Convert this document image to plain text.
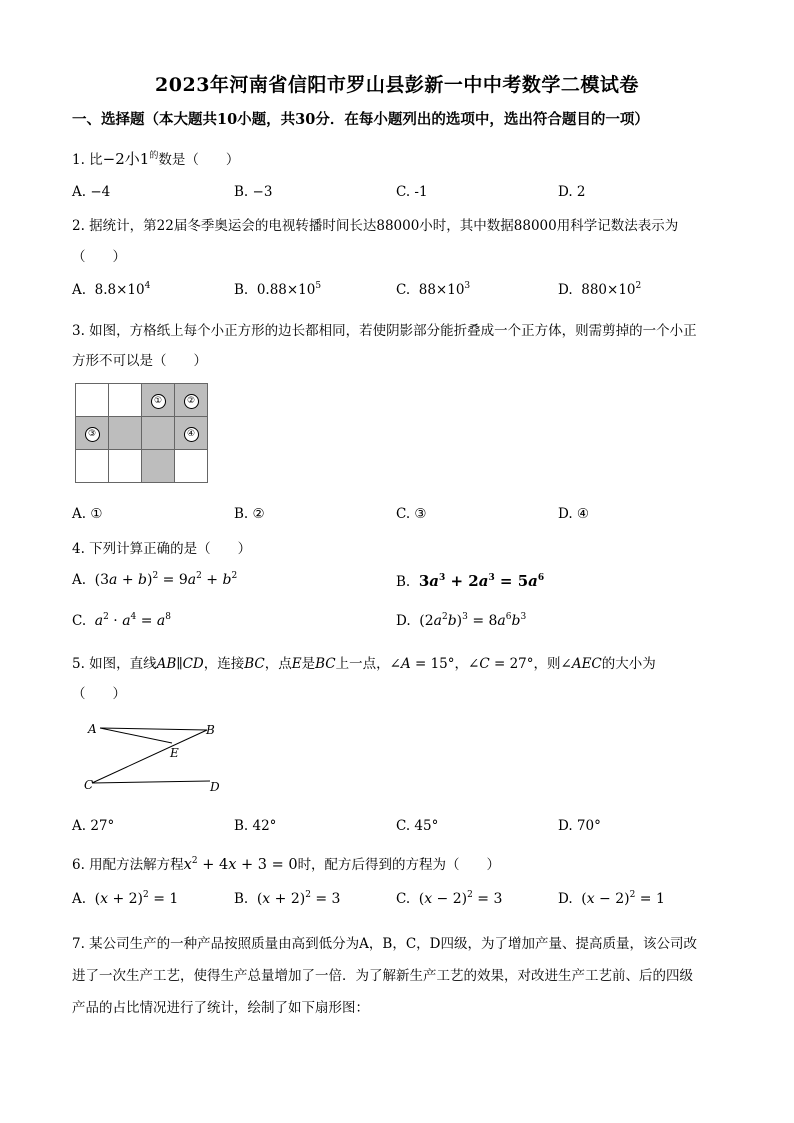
2023年河南省信阳市罗山县彭新一中中考数学二模试卷
一、选择题（本大题共10小题，共30分．在每小题列出的选项中，选出符合题目的一项）
1. 比−2小$1^的$数是（　　）
A. −4	B. −3	C. -1	D. 2
2. 据统计，第22届冬季奥运会的电视转播时间长达88000小时，其中数据88000用科学记数法表示为
（　　）
A. $8.8\times 10^4$	B. $0.88\times 10^5$	C. $88\times 10^3$	D. $880\times 10^2$
3. 如图，方格纸上每个小正方形的边长都相同，若使阴影部分能折叠成一个正方体，则需剪掉的一个小正
方形不可以是（　　）
		①	②
③			④

A. ①	B. ②	C. ③	D. ④
4. 下列计算正确的是（　　）
A. $(3a + b)^2 = 9a^2 + b^2$	B. $3a^3 + 2a^3 = 5a^6$
C. $a^2 \cdot a^4 = a^8$	D. $(2a^2b)^3 = 8a^6b^3$
5. 如图，直线AB∥CD，连接BC，点E是BC上一点，∠A = 15°，∠C = 27°，则∠AEC的大小为
（　　）
A	B
E
C	D
A. 27°	B. 42°	C. 45°	D. 70°
6. 用配方法解方程$x^2 + 4x + 3 = 0$时，配方后得到的方程为（　　）
A. $(x + 2)^2 = 1$	B. $(x + 2)^2 = 3$	C. $(x - 2)^2 = 3$	D. $(x - 2)^2 = 1$
7. 某公司生产的一种产品按照质量由高到低分为A，B，C，D四级，为了增加产量、提高质量，该公司改
进了一次生产工艺，使得生产总量增加了一倍．为了解新生产工艺的效果，对改进生产工艺前、后的四级
产品的占比情况进行了统计，绘制了如下扇形图：
